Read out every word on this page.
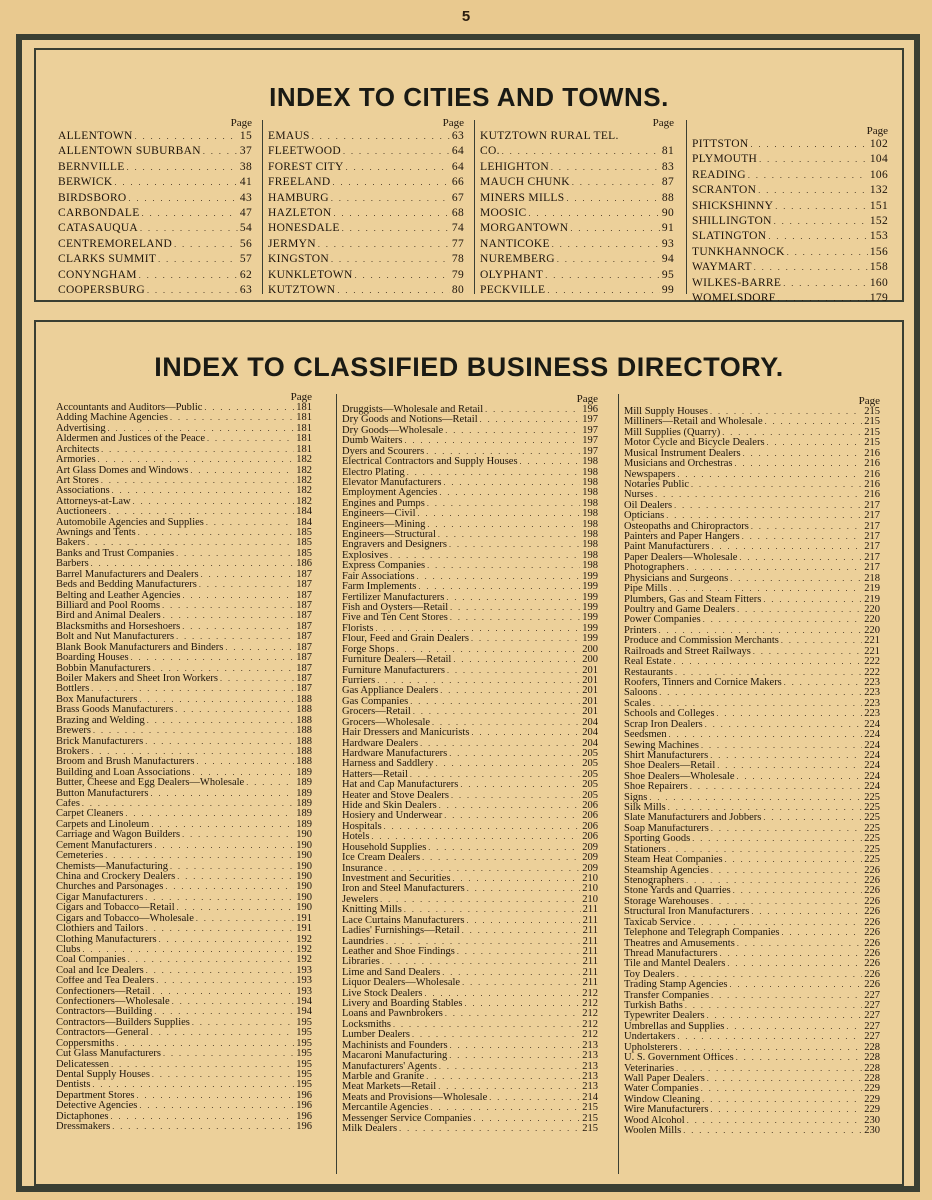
5
INDEX TO CITIES AND TOWNS.
Page
ALLENTOWN . . .	15
ALLENTOWN SUBURBAN . . .	37
BERNVILLE . . .	38
BERWICK . . .	41
BIRDSBORO . . .	43
CARBONDALE . . .	47
CATASAUQUA . . .	54
CENTREMORELAND . . .	56
CLARKS SUMMIT . . .	57
CONYNGHAM . . .	62
COOPERSBURG . . .	63
Page
EMAUS . . .	63
FLEETWOOD . . .	64
FOREST CITY . . .	64
FREELAND . . .	66
HAMBURG . . .	67
HAZLETON . . .	68
HONESDALE . . .	74
JERMYN . . .	77
KINGSTON . . .	78
KUNKLETOWN . . .	79
KUTZTOWN . . .	80
Page
KUTZTOWN RURAL TEL.
CO. . . .	81
LEHIGHTON . . .	83
MAUCH CHUNK . . .	87
MINERS MILLS . . .	88
MOOSIC . . .	90
MORGANTOWN . . .	91
NANTICOKE . . .	93
NUREMBERG . . .	94
OLYPHANT . . .	95
PECKVILLE . . .	99
Page
PITTSTON . . .	102
PLYMOUTH . . .	104
READING . . .	106
SCRANTON . . .	132
SHICKSHINNY . . .	151
SHILLINGTON . . .	152
SLATINGTON . . .	153
TUNKHANNOCK . . .	156
WAYMART . . .	158
WILKES-BARRE . . .	160
WOMELSDORF . . .	179
INDEX TO CLASSIFIED BUSINESS DIRECTORY.
Page
Accountants and Auditors—Public . . .	181
Adding Machine Agencies . . .	181
Advertising . . .	181
Aldermen and Justices of the Peace . . .	181
Architects . . .	181
Armories . . .	182
Art Glass Domes and Windows . . .	182
Art Stores . . .	182
Associations . . .	182
Attorneys-at-Law . . .	182
Auctioneers . . .	184
Automobile Agencies and Supplies . . .	184
Awnings and Tents . . .	185
Bakers . . .	185
Banks and Trust Companies . . .	185
Barbers . . .	186
Barrel Manufacturers and Dealers . . .	187
Beds and Bedding Manufacturers . . .	187
Belting and Leather Agencies . . .	187
Billiard and Pool Rooms . . .	187
Bird and Animal Dealers . . .	187
Blacksmiths and Horseshoers . . .	187
Bolt and Nut Manufacturers . . .	187
Blank Book Manufacturers and Binders . . .	187
Boarding Houses . . .	187
Bobbin Manufacturers . . .	187
Boiler Makers and Sheet Iron Workers . . .	187
Bottlers . . .	187
Box Manufacturers . . .	188
Brass Goods Manufacturers . . .	188
Brazing and Welding . . .	188
Brewers . . .	188
Brick Manufacturers . . .	188
Brokers . . .	188
Broom and Brush Manufacturers . . .	188
Building and Loan Associations . . .	189
Butter, Cheese and Egg Dealers—Wholesale . . .	189
Button Manufacturers . . .	189
Cafes . . .	189
Carpet Cleaners . . .	189
Carpets and Linoleum . . .	189
Carriage and Wagon Builders . . .	190
Cement Manufacturers . . .	190
Cemeteries . . .	190
Chemists—Manufacturing . . .	190
China and Crockery Dealers . . .	190
Churches and Parsonages . . .	190
Cigar Manufacturers . . .	190
Cigars and Tobacco—Retail . . .	190
Cigars and Tobacco—Wholesale . . .	191
Clothiers and Tailors . . .	191
Clothing Manufacturers . . .	192
Clubs . . .	192
Coal Companies . . .	192
Coal and Ice Dealers . . .	193
Coffee and Tea Dealers . . .	193
Confectioners—Retail . . .	193
Confectioners—Wholesale . . .	194
Contractors—Building . . .	194
Contractors—Builders Supplies . . .	195
Contractors—General . . .	195
Coppersmiths . . .	195
Cut Glass Manufacturers . . .	195
Delicatessen . . .	195
Dental Supply Houses . . .	195
Dentists . . .	195
Department Stores . . .	196
Detective Agencies . . .	196
Dictaphones . . .	196
Dressmakers . . .	196
Page
Druggists—Wholesale and Retail . . .	196
Dry Goods and Notions—Retail . . .	197
Dry Goods—Wholesale . . .	197
Dumb Waiters . . .	197
Dyers and Scourers . . .	197
Electrical Contractors and Supply Houses . . .	198
Electro Plating . . .	198
Elevator Manufacturers . . .	198
Employment Agencies . . .	198
Engines and Pumps . . .	198
Engineers—Civil . . .	198
Engineers—Mining . . .	198
Engineers—Structural . . .	198
Engravers and Designers . . .	198
Explosives . . .	198
Express Companies . . .	198
Fair Associations . . .	199
Farm Implements . . .	199
Fertilizer Manufacturers . . .	199
Fish and Oysters—Retail . . .	199
Five and Ten Cent Stores . . .	199
Florists . . .	199
Flour, Feed and Grain Dealers . . .	199
Forge Shops . . .	200
Furniture Dealers—Retail . . .	200
Furniture Manufacturers . . .	201
Furriers . . .	201
Gas Appliance Dealers . . .	201
Gas Companies . . .	201
Grocers—Retail . . .	201
Grocers—Wholesale . . .	204
Hair Dressers and Manicurists . . .	204
Hardware Dealers . . .	204
Hardware Manufacturers . . .	205
Harness and Saddlery . . .	205
Hatters—Retail . . .	205
Hat and Cap Manufacturers . . .	205
Heater and Stove Dealers . . .	205
Hide and Skin Dealers . . .	206
Hosiery and Underwear . . .	206
Hospitals . . .	206
Hotels . . .	206
Household Supplies . . .	209
Ice Cream Dealers . . .	209
Insurance . . .	209
Investment and Securities . . .	210
Iron and Steel Manufacturers . . .	210
Jewelers . . .	210
Knitting Mills . . .	211
Lace Curtains Manufacturers . . .	211
Ladies' Furnishings—Retail . . .	211
Laundries . . .	211
Leather and Shoe Findings . . .	211
Libraries . . .	211
Lime and Sand Dealers . . .	211
Liquor Dealers—Wholesale . . .	211
Live Stock Dealers . . .	212
Livery and Boarding Stables . . .	212
Loans and Pawnbrokers . . .	212
Locksmiths . . .	212
Lumber Dealers . . .	212
Machinists and Founders . . .	213
Macaroni Manufacturing . . .	213
Manufacturers' Agents . . .	213
Marble and Granite . . .	213
Meat Markets—Retail . . .	213
Meats and Provisions—Wholesale . . .	214
Mercantile Agencies . . .	215
Messenger Service Companies . . .	215
Milk Dealers . . .	215
Page
Mill Supply Houses . . .	215
Milliners—Retail and Wholesale . . .	215
Mill Supplies (Quarry) . . .	215
Motor Cycle and Bicycle Dealers . . .	215
Musical Instrument Dealers . . .	216
Musicians and Orchestras . . .	216
Newspapers . . .	216
Notaries Public . . .	216
Nurses . . .	216
Oil Dealers . . .	217
Opticians . . .	217
Osteopaths and Chiropractors . . .	217
Painters and Paper Hangers . . .	217
Paint Manufacturers . . .	217
Paper Dealers—Wholesale . . .	217
Photographers . . .	217
Physicians and Surgeons . . .	218
Pipe Mills . . .	219
Plumbers, Gas and Steam Fitters . . .	219
Poultry and Game Dealers . . .	220
Power Companies . . .	220
Printers . . .	220
Produce and Commission Merchants . . .	221
Railroads and Street Railways . . .	221
Real Estate . . .	222
Restaurants . . .	222
Roofers, Tinners and Cornice Makers . . .	223
Saloons . . .	223
Scales . . .	223
Schools and Colleges . . .	223
Scrap Iron Dealers . . .	224
Seedsmen . . .	224
Sewing Machines . . .	224
Shirt Manufacturers . . .	224
Shoe Dealers—Retail . . .	224
Shoe Dealers—Wholesale . . .	224
Shoe Repairers . . .	224
Signs . . .	225
Silk Mills . . .	225
Slate Manufacturers and Jobbers . . .	225
Soap Manufacturers . . .	225
Sporting Goods . . .	225
Stationers . . .	225
Steam Heat Companies . . .	225
Steamship Agencies . . .	226
Stenographers . . .	226
Stone Yards and Quarries . . .	226
Storage Warehouses . . .	226
Structural Iron Manufacturers . . .	226
Taxicab Service . . .	226
Telephone and Telegraph Companies . . .	226
Theatres and Amusements . . .	226
Thread Manufacturers . . .	226
Tile and Mantel Dealers . . .	226
Toy Dealers . . .	226
Trading Stamp Agencies . . .	226
Transfer Companies . . .	227
Turkish Baths . . .	227
Typewriter Dealers . . .	227
Umbrellas and Supplies . . .	227
Undertakers . . .	227
Upholsterers . . .	228
U. S. Government Offices . . .	228
Veterinaries . . .	228
Wall Paper Dealers . . .	228
Water Companies . . .	229
Window Cleaning . . .	229
Wire Manufacturers . . .	229
Wood Alcohol . . .	230
Woolen Mills . . .	230
